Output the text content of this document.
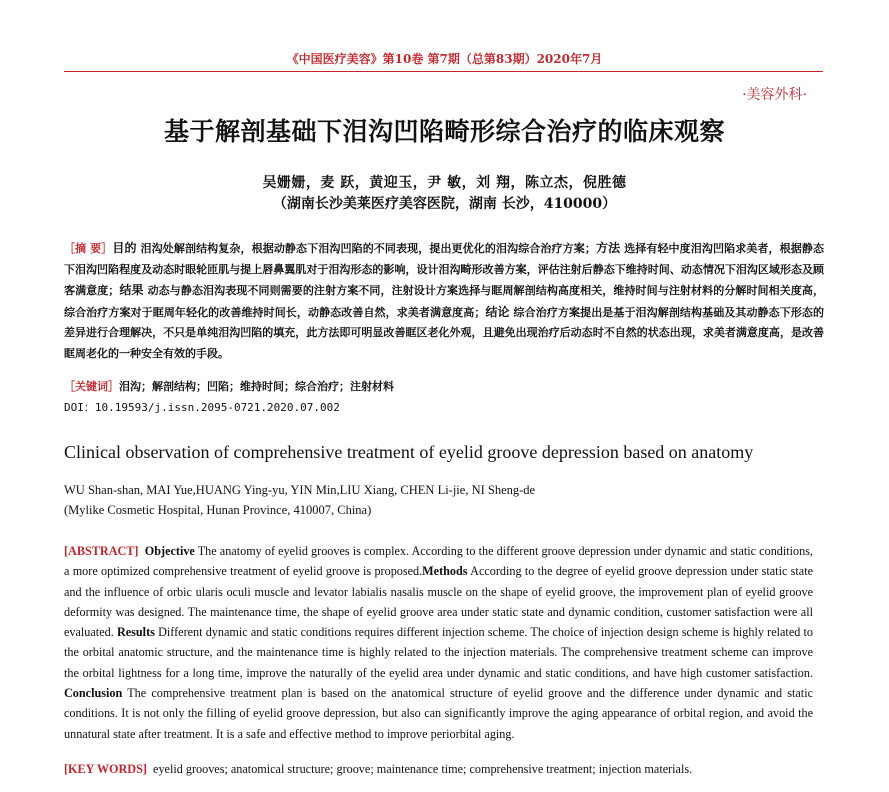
《中国医疗美容》第10卷 第7期（总第83期）2020年7月
·美容外科·
基于解剖基础下泪沟凹陷畸形综合治疗的临床观察
吴姗姗，麦 跃，黄迎玉，尹 敏，刘 翔，陈立杰，倪胜德
（湖南长沙美莱医疗美容医院，湖南 长沙，410000）
［摘 要］目的 泪沟处解剖结构复杂，根据动静态下泪沟凹陷的不同表现，提出更优化的泪沟综合治疗方案；方法 选择有轻中度泪沟凹陷求美者，根据静态下泪沟凹陷程度及动态时眼轮匝肌与提上唇鼻翼肌对于泪沟形态的影响，设计泪沟畸形改善方案，评估注射后静态下维持时间、动态情况下泪沟区域形态及顾客满意度；结果 动态与静态泪沟表现不同则需要的注射方案不同，注射设计方案选择与眶周解剖结构高度相关，维持时间与注射材料的分解时间相关度高，综合治疗方案对于眶周年轻化的改善维持时间长，动静态改善自然，求美者满意度高；结论 综合治疗方案提出是基于泪沟解剖结构基础及其动静态下形态的差异进行合理解决，不只是单纯泪沟凹陷的填充，此方法即可明显改善眶区老化外观，且避免出现治疗后动态时不自然的状态出现，求美者满意度高，是改善眶周老化的一种安全有效的手段。
［关键词］泪沟；解剖结构；凹陷；维持时间；综合治疗；注射材料
DOI：10.19593/j.issn.2095-0721.2020.07.002
Clinical observation of comprehensive treatment of eyelid groove depression based on anatomy
WU Shan-shan, MAI Yue,HUANG Ying-yu, YIN Min,LIU Xiang, CHEN Li-jie, NI Sheng-de
(Mylike Cosmetic Hospital, Hunan Province, 410007, China)
[ABSTRACT] Objective The anatomy of eyelid grooves is complex. According to the different groove depression under dynamic and static conditions, a more optimized comprehensive treatment of eyelid groove is proposed.Methods According to the degree of eyelid groove depression under static state and the influence of orbic ularis oculi muscle and levator labialis nasalis muscle on the shape of eyelid groove, the improvement plan of eyelid groove deformity was designed. The maintenance time, the shape of eyelid groove area under static state and dynamic condition, customer satisfaction were all evaluated. Results Different dynamic and static conditions requires different injection scheme. The choice of injection design scheme is highly related to the orbital anatomic structure, and the maintenance time is highly related to the injection materials. The comprehensive treatment scheme can improve the orbital lightness for a long time, improve the naturally of the eyelid area under dynamic and static conditions, and have high customer satisfaction. Conclusion The comprehensive treatment plan is based on the anatomical structure of eyelid groove and the difference under dynamic and static conditions. It is not only the filling of eyelid groove depression, but also can significantly improve the aging appearance of orbital region, and avoid the unnatural state after treatment. It is a safe and effective method to improve periorbital aging.
[KEY WORDS] eyelid grooves; anatomical structure; groove; maintenance time; comprehensive treatment; injection materials.
